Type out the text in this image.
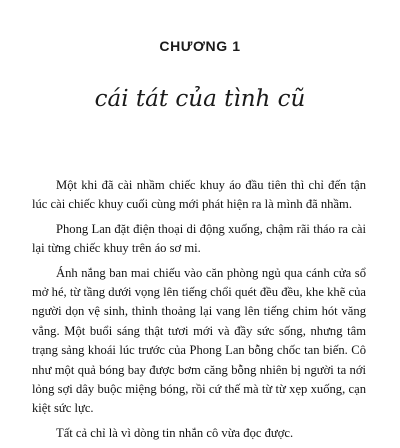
CHƯƠNG 1
cái tát của tình cũ

Một khi đã cài nhầm chiếc khuy áo đầu tiên thì chỉ đến tận lúc cài chiếc khuy cuối cùng mới phát hiện ra là mình đã nhầm.

Phong Lan đặt điện thoại di động xuống, chậm rãi tháo ra cài lại từng chiếc khuy trên áo sơ mi.

Ánh nắng ban mai chiếu vào căn phòng ngủ qua cánh cửa sổ mở hé, từ tầng dưới vọng lên tiếng chổi quét đều đều, khe khẽ của người dọn vệ sinh, thỉnh thoảng lại vang lên tiếng chim hót văng vẳng. Một buổi sáng thật tươi mới và đầy sức sống, nhưng tâm trạng sảng khoái lúc trước của Phong Lan bỗng chốc tan biến. Cô như một quả bóng bay được bơm căng bỗng nhiên bị người ta nới lỏng sợi dây buộc miệng bóng, rồi cứ thế mà từ từ xẹp xuống, cạn kiệt sức lực.

Tất cả chỉ là vì dòng tin nhắn cô vừa đọc được.
